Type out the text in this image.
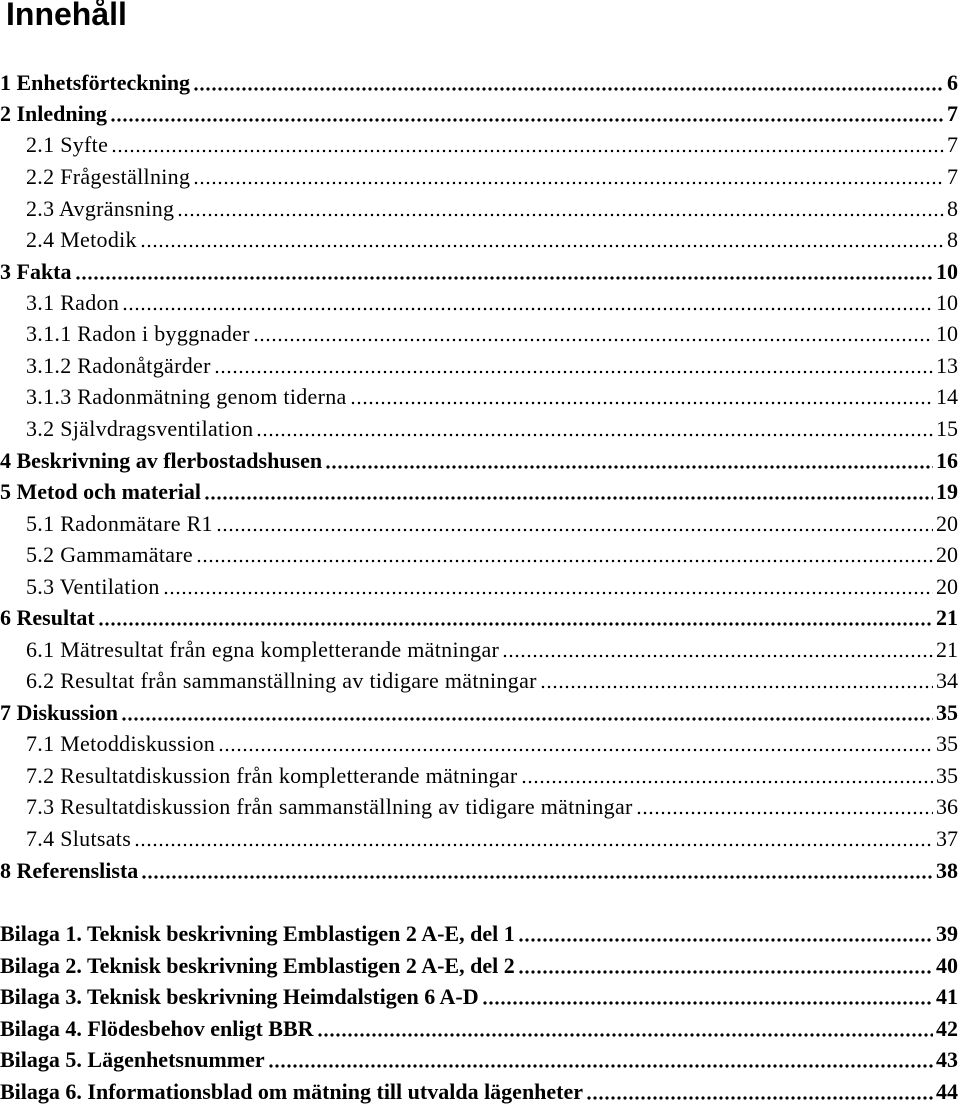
Innehåll
1 Enhetsförteckning	6
2 Inledning	7
2.1 Syfte	7
2.2 Frågeställning	7
2.3 Avgränsning	8
2.4 Metodik	8
3 Fakta	10
3.1 Radon	10
3.1.1 Radon i byggnader	10
3.1.2 Radonåtgärder	13
3.1.3 Radonmätning genom tiderna	14
3.2 Självdragsventilation	15
4 Beskrivning av flerbostadshusen	16
5 Metod och material	19
5.1 Radonmätare R1	20
5.2 Gammamätare	20
5.3 Ventilation	20
6 Resultat	21
6.1 Mätresultat från egna kompletterande mätningar	21
6.2 Resultat från sammanställning av tidigare mätningar	34
7 Diskussion	35
7.1 Metoddiskussion	35
7.2 Resultatdiskussion från kompletterande mätningar	35
7.3 Resultatdiskussion från sammanställning av tidigare mätningar	36
7.4 Slutsats	37
8 Referenslista	38
Bilaga 1. Teknisk beskrivning Emblastigen 2 A-E, del 1	39
Bilaga 2. Teknisk beskrivning Emblastigen 2 A-E, del 2	40
Bilaga 3. Teknisk beskrivning Heimdalstigen 6 A-D	41
Bilaga 4. Flödesbehov enligt BBR	42
Bilaga 5. Lägenhetsnummer	43
Bilaga 6. Informationsblad om mätning till utvalda lägenheter	44
